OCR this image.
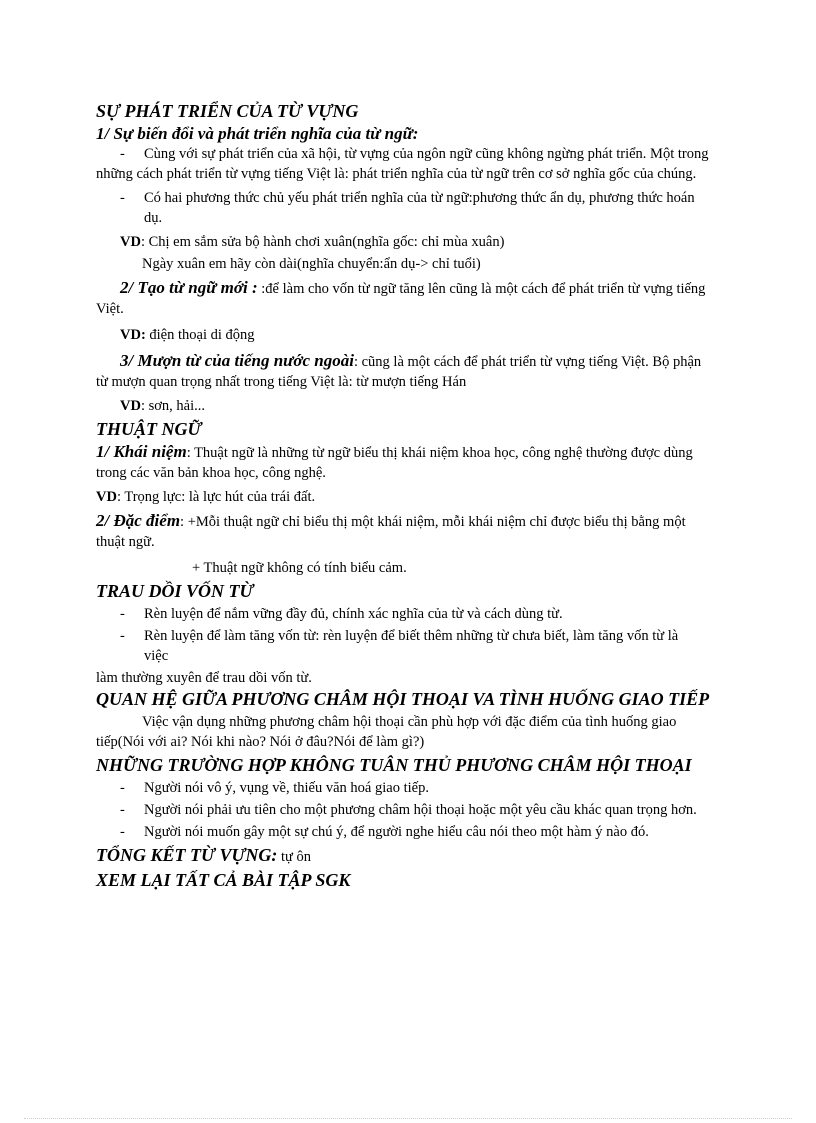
SỰ PHÁT TRIỂN CỦA TỪ VỰNG

1/ Sự biến đổi và phát triển nghĩa của từ ngữ:

- Cùng với sự phát triển của xã hội, từ vựng của ngôn ngữ cũng không ngừng phát triển. Một trong

những cách phát triển từ vựng tiếng Việt là: phát triển nghĩa của từ ngữ trên cơ sở nghĩa gốc của chúng.

- Có hai phương thức chủ yếu phát triển nghĩa của từ ngữ:phương thức ẩn dụ, phương thức hoán

dụ.

VD: Chị em sắm sửa bộ hành chơi xuân(nghĩa gốc: chỉ mùa xuân)

Ngày xuân em hãy còn dài(nghĩa chuyển:ẩn dụ-> chỉ tuổi)

2/ Tạo từ ngữ mới : :để làm cho vốn từ ngữ tăng lên cũng là một cách để phát triển từ vựng tiếng

Việt.

VD: điện thoại di động

3/ Mượn từ của tiếng nước ngoài: cũng là một cách để phát triển từ vựng tiếng Việt. Bộ phận

từ mượn quan trọng nhất trong tiếng Việt là: từ mượn tiếng Hán

VD: sơn, hải...

THUẬT NGỮ

1/ Khái niệm: Thuật ngữ là những từ ngữ biểu thị khái niệm khoa học, công nghệ thường được dùng

trong các văn bản khoa học, công nghệ.

VD: Trọng lực: là lực hút của trái đất.

2/ Đặc điểm: +Mỗi thuật ngữ chỉ biểu thị một khái niệm, mỗi khái niệm chỉ được biểu thị bằng một

thuật ngữ.

+ Thuật ngữ không có tính biểu cảm.

TRAU DỒI VỐN TỪ

- Rèn luyện để nắm vững đầy đủ, chính xác nghĩa của từ và cách dùng từ.

- Rèn luyện để làm tăng vốn từ: rèn luyện để biết thêm những từ chưa biết, làm tăng vốn từ là

việc

làm thường xuyên để trau dồi vốn từ.

QUAN HỆ GIỮA PHƯƠNG CHÂM HỘI THOẠI VA TÌNH HUỐNG GIAO TIẾP

Việc vận dụng những phương châm hội thoại cần phù hợp với đặc điểm của tình huống giao

tiếp(Nói với ai? Nói khi nào? Nói ở đâu?Nói để làm gì?)

NHỮNG TRƯỜNG HỢP KHÔNG TUÂN THỦ PHƯƠNG CHÂM HỘI THOẠI

- Người nói vô ý, vụng về, thiếu văn hoá giao tiếp.

- Người nói phải ưu tiên cho một phương châm hội thoại hoặc một yêu cầu khác quan trọng hơn.

- Người nói muốn gây một sự chú ý, để người nghe hiểu câu nói theo một hàm ý nào đó.

TỔNG KẾT TỪ VỰNG: tự ôn

XEM LẠI TẤT CẢ BÀI TẬP SGK
